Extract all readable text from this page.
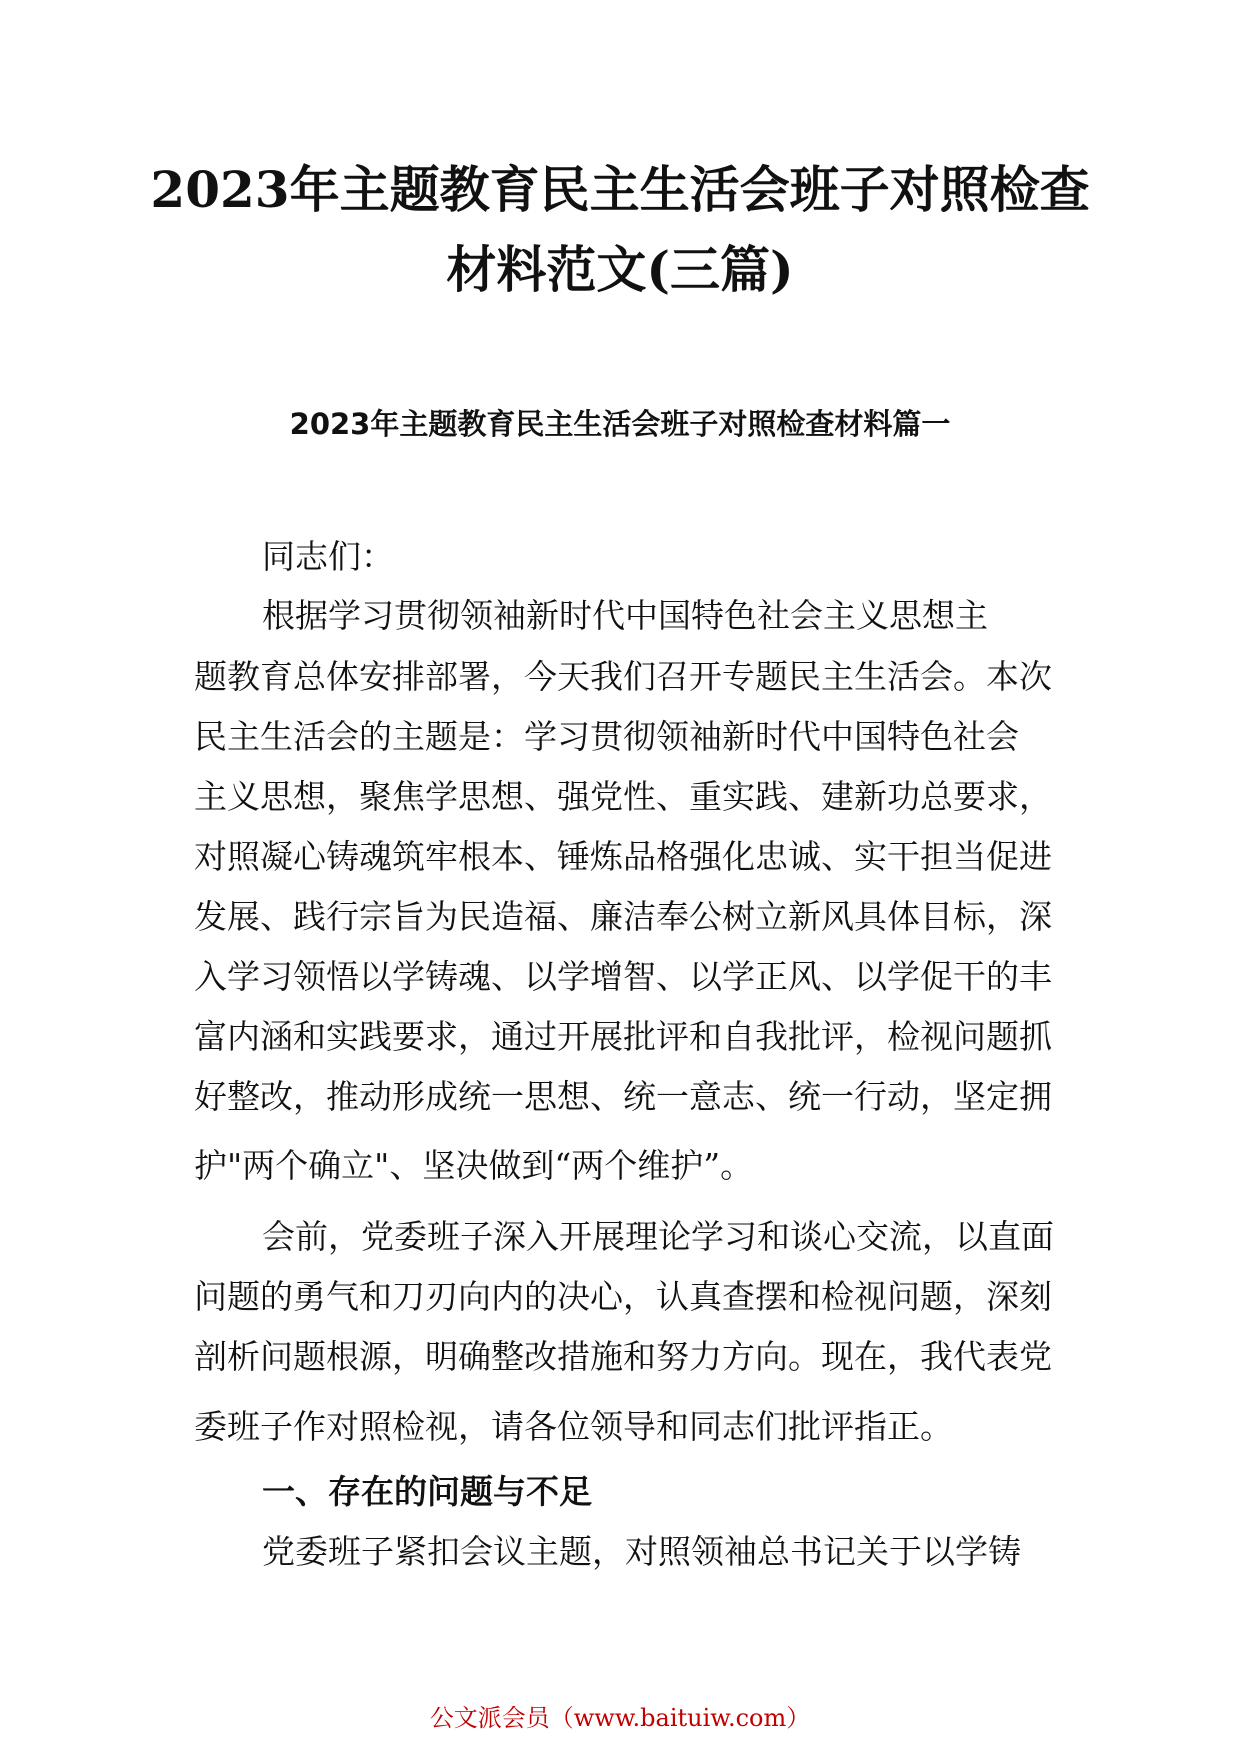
2023年主题教育民主生活会班子对照检查
材料范文(三篇)
2023年主题教育民主生活会班子对照检查材料篇一
同志们：
根据学习贯彻领袖新时代中国特色社会主义思想主
题教育总体安排部署，今天我们召开专题民主生活会。本次
民主生活会的主题是：学习贯彻领袖新时代中国特色社会
主义思想，聚焦学思想、强党性、重实践、建新功总要求，
对照凝心铸魂筑牢根本、锤炼品格强化忠诚、实干担当促进
发展、践行宗旨为民造福、廉洁奉公树立新风具体目标，深
入学习领悟以学铸魂、以学增智、以学正风、以学促干的丰
富内涵和实践要求，通过开展批评和自我批评，检视问题抓
好整改，推动形成统一思想、统一意志、统一行动，坚定拥
护"两个确立"、坚决做到“两个维护”。
会前，党委班子深入开展理论学习和谈心交流，以直面
问题的勇气和刀刃向内的决心，认真查摆和检视问题，深刻
剖析问题根源，明确整改措施和努力方向。现在，我代表党
委班子作对照检视，请各位领导和同志们批评指正。
一、存在的问题与不足
党委班子紧扣会议主题，对照领袖总书记关于以学铸
公文派会员（www.baituiw.com）
